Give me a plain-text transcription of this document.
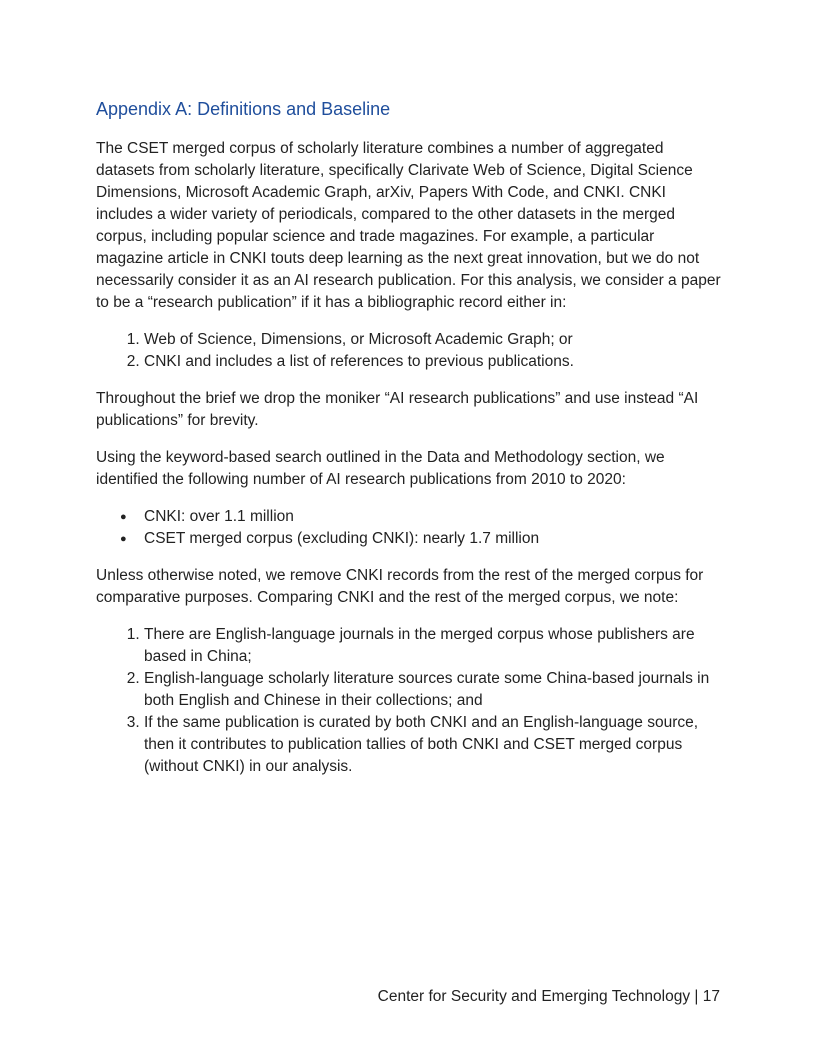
Appendix A: Definitions and Baseline

The CSET merged corpus of scholarly literature combines a number of aggregated datasets from scholarly literature, specifically Clarivate Web of Science, Digital Science Dimensions, Microsoft Academic Graph, arXiv, Papers With Code, and CNKI. CNKI includes a wider variety of periodicals, compared to the other datasets in the merged corpus, including popular science and trade magazines. For example, a particular magazine article in CNKI touts deep learning as the next great innovation, but we do not necessarily consider it as an AI research publication. For this analysis, we consider a paper to be a “research publication” if it has a bibliographic record either in:

1. Web of Science, Dimensions, or Microsoft Academic Graph; or
2. CNKI and includes a list of references to previous publications.

Throughout the brief we drop the moniker “AI research publications” and use instead “AI publications” for brevity.

Using the keyword-based search outlined in the Data and Methodology section, we identified the following number of AI research publications from 2010 to 2020:

● CNKI: over 1.1 million
● CSET merged corpus (excluding CNKI): nearly 1.7 million

Unless otherwise noted, we remove CNKI records from the rest of the merged corpus for comparative purposes. Comparing CNKI and the rest of the merged corpus, we note:

1. There are English-language journals in the merged corpus whose publishers are based in China;
2. English-language scholarly literature sources curate some China-based journals in both English and Chinese in their collections; and
3. If the same publication is curated by both CNKI and an English-language source, then it contributes to publication tallies of both CNKI and CSET merged corpus (without CNKI) in our analysis.
Center for Security and Emerging Technology | 17
